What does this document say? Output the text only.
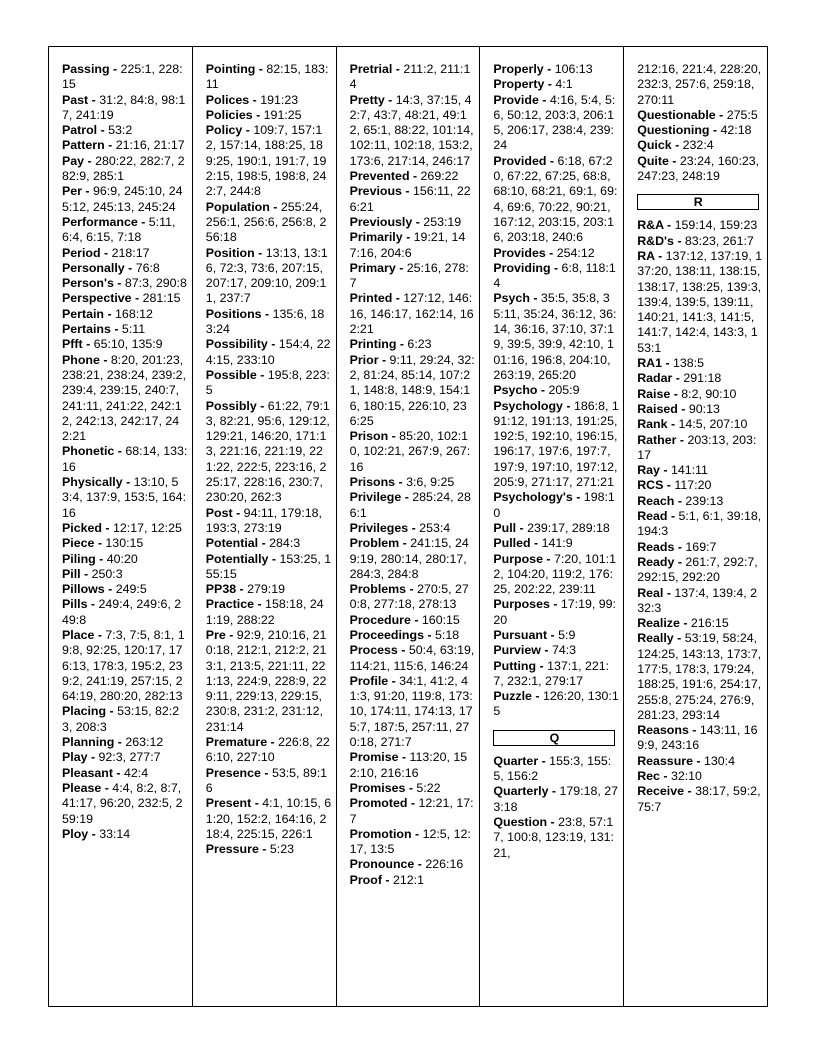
Passing - 225:1, 228:15

Past - 31:2, 84:8, 98:17, 241:19

Patrol - 53:2

Pattern - 21:16, 21:17

Pay - 280:22, 282:7, 282:9, 285:1

Per - 96:9, 245:10, 245:12, 245:13, 245:24

Performance - 5:11, 6:4, 6:15, 7:18

Period - 218:17

Personally - 76:8

Person's - 87:3, 290:8

Perspective - 281:15

Pertain - 168:12

Pertains - 5:11

Pfft - 65:10, 135:9

Phone - 8:20, 201:23, 238:21, 238:24, 239:2, 239:4, 239:15, 240:7, 241:11, 241:22, 242:12, 242:13, 242:17, 242:21

Phonetic - 68:14, 133:16

Physically - 13:10, 53:4, 137:9, 153:5, 164:16

Picked - 12:17, 12:25

Piece - 130:15

Piling - 40:20

Pill - 250:3

Pillows - 249:5

Pills - 249:4, 249:6, 249:8

Place - 7:3, 7:5, 8:1, 19:8, 92:25, 120:17, 176:13, 178:3, 195:2, 239:2, 241:19, 257:15, 264:19, 280:20, 282:13

Placing - 53:15, 82:23, 208:3

Planning - 263:12

Play - 92:3, 277:7

Pleasant - 42:4

Please - 4:4, 8:2, 8:7, 41:17, 96:20, 232:5, 259:19

Ploy - 33:14

Pointing - 82:15, 183:11

Polices - 191:23

Policies - 191:25

Policy - 109:7, 157:12, 157:14, 188:25, 189:25, 190:1, 191:7, 192:15, 198:5, 198:8, 242:7, 244:8

Population - 255:24, 256:1, 256:6, 256:8, 256:18

Position - 13:13, 13:16, 72:3, 73:6, 207:15, 207:17, 209:10, 209:11, 237:7

Positions - 135:6, 183:24

Possibility - 154:4, 224:15, 233:10

Possible - 195:8, 223:5

Possibly - 61:22, 79:13, 82:21, 95:6, 129:12, 129:21, 146:20, 171:13, 221:16, 221:19, 221:22, 222:5, 223:16, 225:17, 228:16, 230:7, 230:20, 262:3

Post - 94:11, 179:18, 193:3, 273:19

Potential - 284:3

Potentially - 153:25, 155:15

PP38 - 279:19

Practice - 158:18, 241:19, 288:22

Pre - 92:9, 210:16, 210:18, 212:1, 212:2, 213:1, 213:5, 221:11, 221:13, 224:9, 228:9, 229:11, 229:13, 229:15, 230:8, 231:2, 231:12, 231:14

Premature - 226:8, 226:10, 227:10

Presence - 53:5, 89:16

Present - 4:1, 10:15, 61:20, 152:2, 164:16, 218:4, 225:15, 226:1

Pressure - 5:23

Pretrial - 211:2, 211:14

Pretty - 14:3, 37:15, 42:7, 43:7, 48:21, 49:12, 65:1, 88:22, 101:14, 102:11, 102:18, 153:2, 173:6, 217:14, 246:17

Prevented - 269:22

Previous - 156:11, 226:21

Previously - 253:19

Primarily - 19:21, 147:16, 204:6

Primary - 25:16, 278:7

Printed - 127:12, 146:16, 146:17, 162:14, 162:21

Printing - 6:23

Prior - 9:11, 29:24, 32:2, 81:24, 85:14, 107:21, 148:8, 148:9, 154:16, 180:15, 226:10, 236:25

Prison - 85:20, 102:10, 102:21, 267:9, 267:16

Prisons - 3:6, 9:25

Privilege - 285:24, 286:1

Privileges - 253:4

Problem - 241:15, 249:19, 280:14, 280:17, 284:3, 284:8

Problems - 270:5, 270:8, 277:18, 278:13

Procedure - 160:15

Proceedings - 5:18

Process - 50:4, 63:19, 114:21, 115:6, 146:24

Profile - 34:1, 41:2, 41:3, 91:20, 119:8, 173:10, 174:11, 174:13, 175:7, 187:5, 257:11, 270:18, 271:7

Promise - 113:20, 152:10, 216:16

Promises - 5:22

Promoted - 12:21, 17:7

Promotion - 12:5, 12:17, 13:5

Pronounce - 226:16

Proof - 212:1

Properly - 106:13

Property - 4:1

Provide - 4:16, 5:4, 5:6, 50:12, 203:3, 206:15, 206:17, 238:4, 239:24

Provided - 6:18, 67:20, 67:22, 67:25, 68:8, 68:10, 68:21, 69:1, 69:4, 69:6, 70:22, 90:21, 167:12, 203:15, 203:16, 203:18, 240:6

Provides - 254:12

Providing - 6:8, 118:14

Psych - 35:5, 35:8, 35:11, 35:24, 36:12, 36:14, 36:16, 37:10, 37:19, 39:5, 39:9, 42:10, 101:16, 196:8, 204:10, 263:19, 265:20

Psycho - 205:9

Psychology - 186:8, 191:12, 191:13, 191:25, 192:5, 192:10, 196:15, 196:17, 197:6, 197:7, 197:9, 197:10, 197:12, 205:9, 271:17, 271:21

Psychology's - 198:10

Pull - 239:17, 289:18

Pulled - 141:9

Purpose - 7:20, 101:12, 104:20, 119:2, 176:25, 202:22, 239:11

Purposes - 17:19, 99:20

Pursuant - 5:9

Purview - 74:3

Putting - 137:1, 221:7, 232:1, 279:17

Puzzle - 126:20, 130:15

Q

Quarter - 155:3, 155:5, 156:2

Quarterly - 179:18, 273:18

Question - 23:8, 57:17, 100:8, 123:19, 131:21,

212:16, 221:4, 228:20, 232:3, 257:6, 259:18, 270:11

Questionable - 275:5

Questioning - 42:18

Quick - 232:4

Quite - 23:24, 160:23, 247:23, 248:19

R

R&A - 159:14, 159:23

R&D's - 83:23, 261:7

RA - 137:12, 137:19, 137:20, 138:11, 138:15, 138:17, 138:25, 139:3, 139:4, 139:5, 139:11, 140:21, 141:3, 141:5, 141:7, 142:4, 143:3, 153:1

RA1 - 138:5

Radar - 291:18

Raise - 8:2, 90:10

Raised - 90:13

Rank - 14:5, 207:10

Rather - 203:13, 203:17

Ray - 141:11

RCS - 117:20

Reach - 239:13

Read - 5:1, 6:1, 39:18, 194:3

Reads - 169:7

Ready - 261:7, 292:7, 292:15, 292:20

Real - 137:4, 139:4, 232:3

Realize - 216:15

Really - 53:19, 58:24, 124:25, 143:13, 173:7, 177:5, 178:3, 179:24, 188:25, 191:6, 254:17, 255:8, 275:24, 276:9, 281:23, 293:14

Reasons - 143:11, 169:9, 243:16

Reassure - 130:4

Rec - 32:10

Receive - 38:17, 59:2, 75:7
